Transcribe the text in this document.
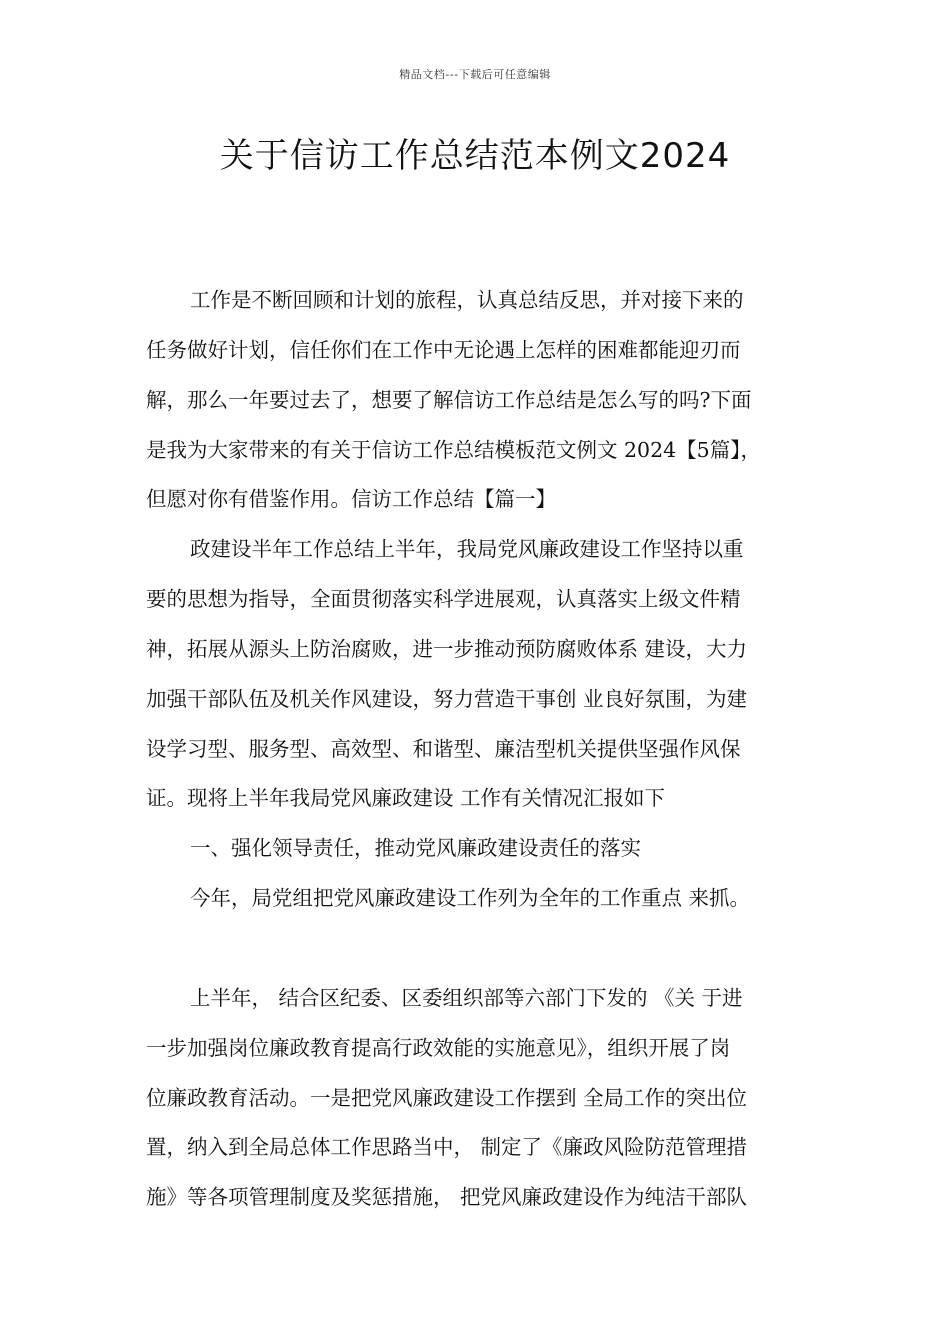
精品文档---下载后可任意编辑
关于信访工作总结范本例文2024
工作是不断回顾和计划的旅程，认真总结反思，并对接下来的
任务做好计划，信任你们在工作中无论遇上怎样的困难都能迎刃而
解，那么一年要过去了，想要了解信访工作总结是怎么写的吗?下面
是我为大家带来的有关于信访工作总结模板范文例文 2024【5篇】，
但愿对你有借鉴作用。信访工作总结【篇一】
政建设半年工作总结上半年，我局党风廉政建设工作坚持以重
要的思想为指导，全面贯彻落实科学进展观，认真落实上级文件精
神，拓展从源头上防治腐败，进一步推动预防腐败体系 建设，大力
加强干部队伍及机关作风建设，努力营造干事创 业良好氛围，为建
设学习型、服务型、高效型、和谐型、廉洁型机关提供坚强作风保
证。现将上半年我局党风廉政建设 工作有关情况汇报如下
一、强化领导责任，推动党风廉政建设责任的落实
今年，局党组把党风廉政建设工作列为全年的工作重点 来抓。
上半年， 结合区纪委、区委组织部等六部门下发的 《关 于进
一步加强岗位廉政教育提高行政效能的实施意见》，组织开展了岗
位廉政教育活动。一是把党风廉政建设工作摆到 全局工作的突出位
置，纳入到全局总体工作思路当中， 制定了《廉政风险防范管理措
施》等各项管理制度及奖惩措施， 把党风廉政建设作为纯洁干部队
